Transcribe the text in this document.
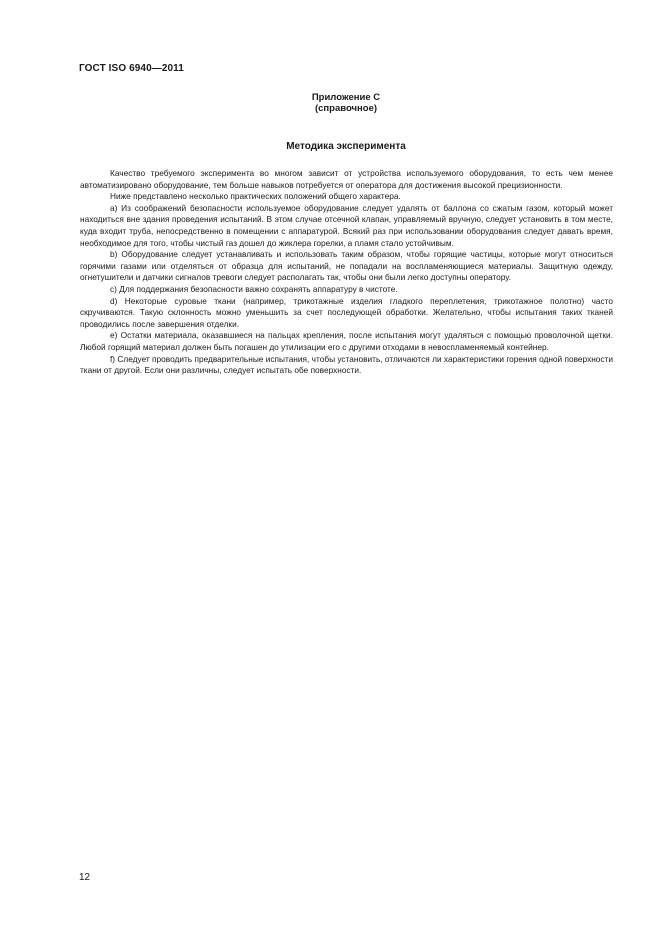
ГОСТ ISO 6940—2011
Приложение С
(справочное)
Методика эксперимента

Качество требуемого эксперимента во многом зависит от устройства используемого оборудования, то есть чем менее автоматизировано оборудование, тем больше навыков потребуется от оператора для достижения высокой прецизионности.

Ниже представлено несколько практических положений общего характера.

а) Из соображений безопасности используемое оборудование следует удалять от баллона со сжатым газом, который может находиться вне здания проведения испытаний. В этом случае отсечной клапан, управляемый вручную, следует установить в том месте, куда входит труба, непосредственно в помещении с аппаратурой. Всякий раз при использовании оборудования следует давать время, необходимое для того, чтобы чистый газ дошел до жиклера горелки, а пламя стало устойчивым.

b) Оборудование следует устанавливать и использовать таким образом, чтобы горящие частицы, которые могут относиться горячими газами или отделяться от образца для испытаний, не попадали на воспламеняющиеся материалы. Защитную одежду, огнетушители и датчики сигналов тревоги следует располагать так, чтобы они были легко доступны оператору.

с) Для поддержания безопасности важно сохранять аппаратуру в чистоте.

d) Некоторые суровые ткани (например, трикотажные изделия гладкого переплетения, трикотажное полотно) часто скручиваются. Такую склонность можно уменьшить за счет последующей обработки. Желательно, чтобы испытания таких тканей проводились после завершения отделки.

е) Остатки материала, оказавшиеся на пальцах крепления, после испытания могут удаляться с помощью проволочной щетки. Любой горящий материал должен быть погашен до утилизации его с другими отходами в невоспламеняемый контейнер.

f) Следует проводить предварительные испытания, чтобы установить, отличаются ли характеристики горения одной поверхности ткани от другой. Если они различны, следует испытать обе поверхности.

12
